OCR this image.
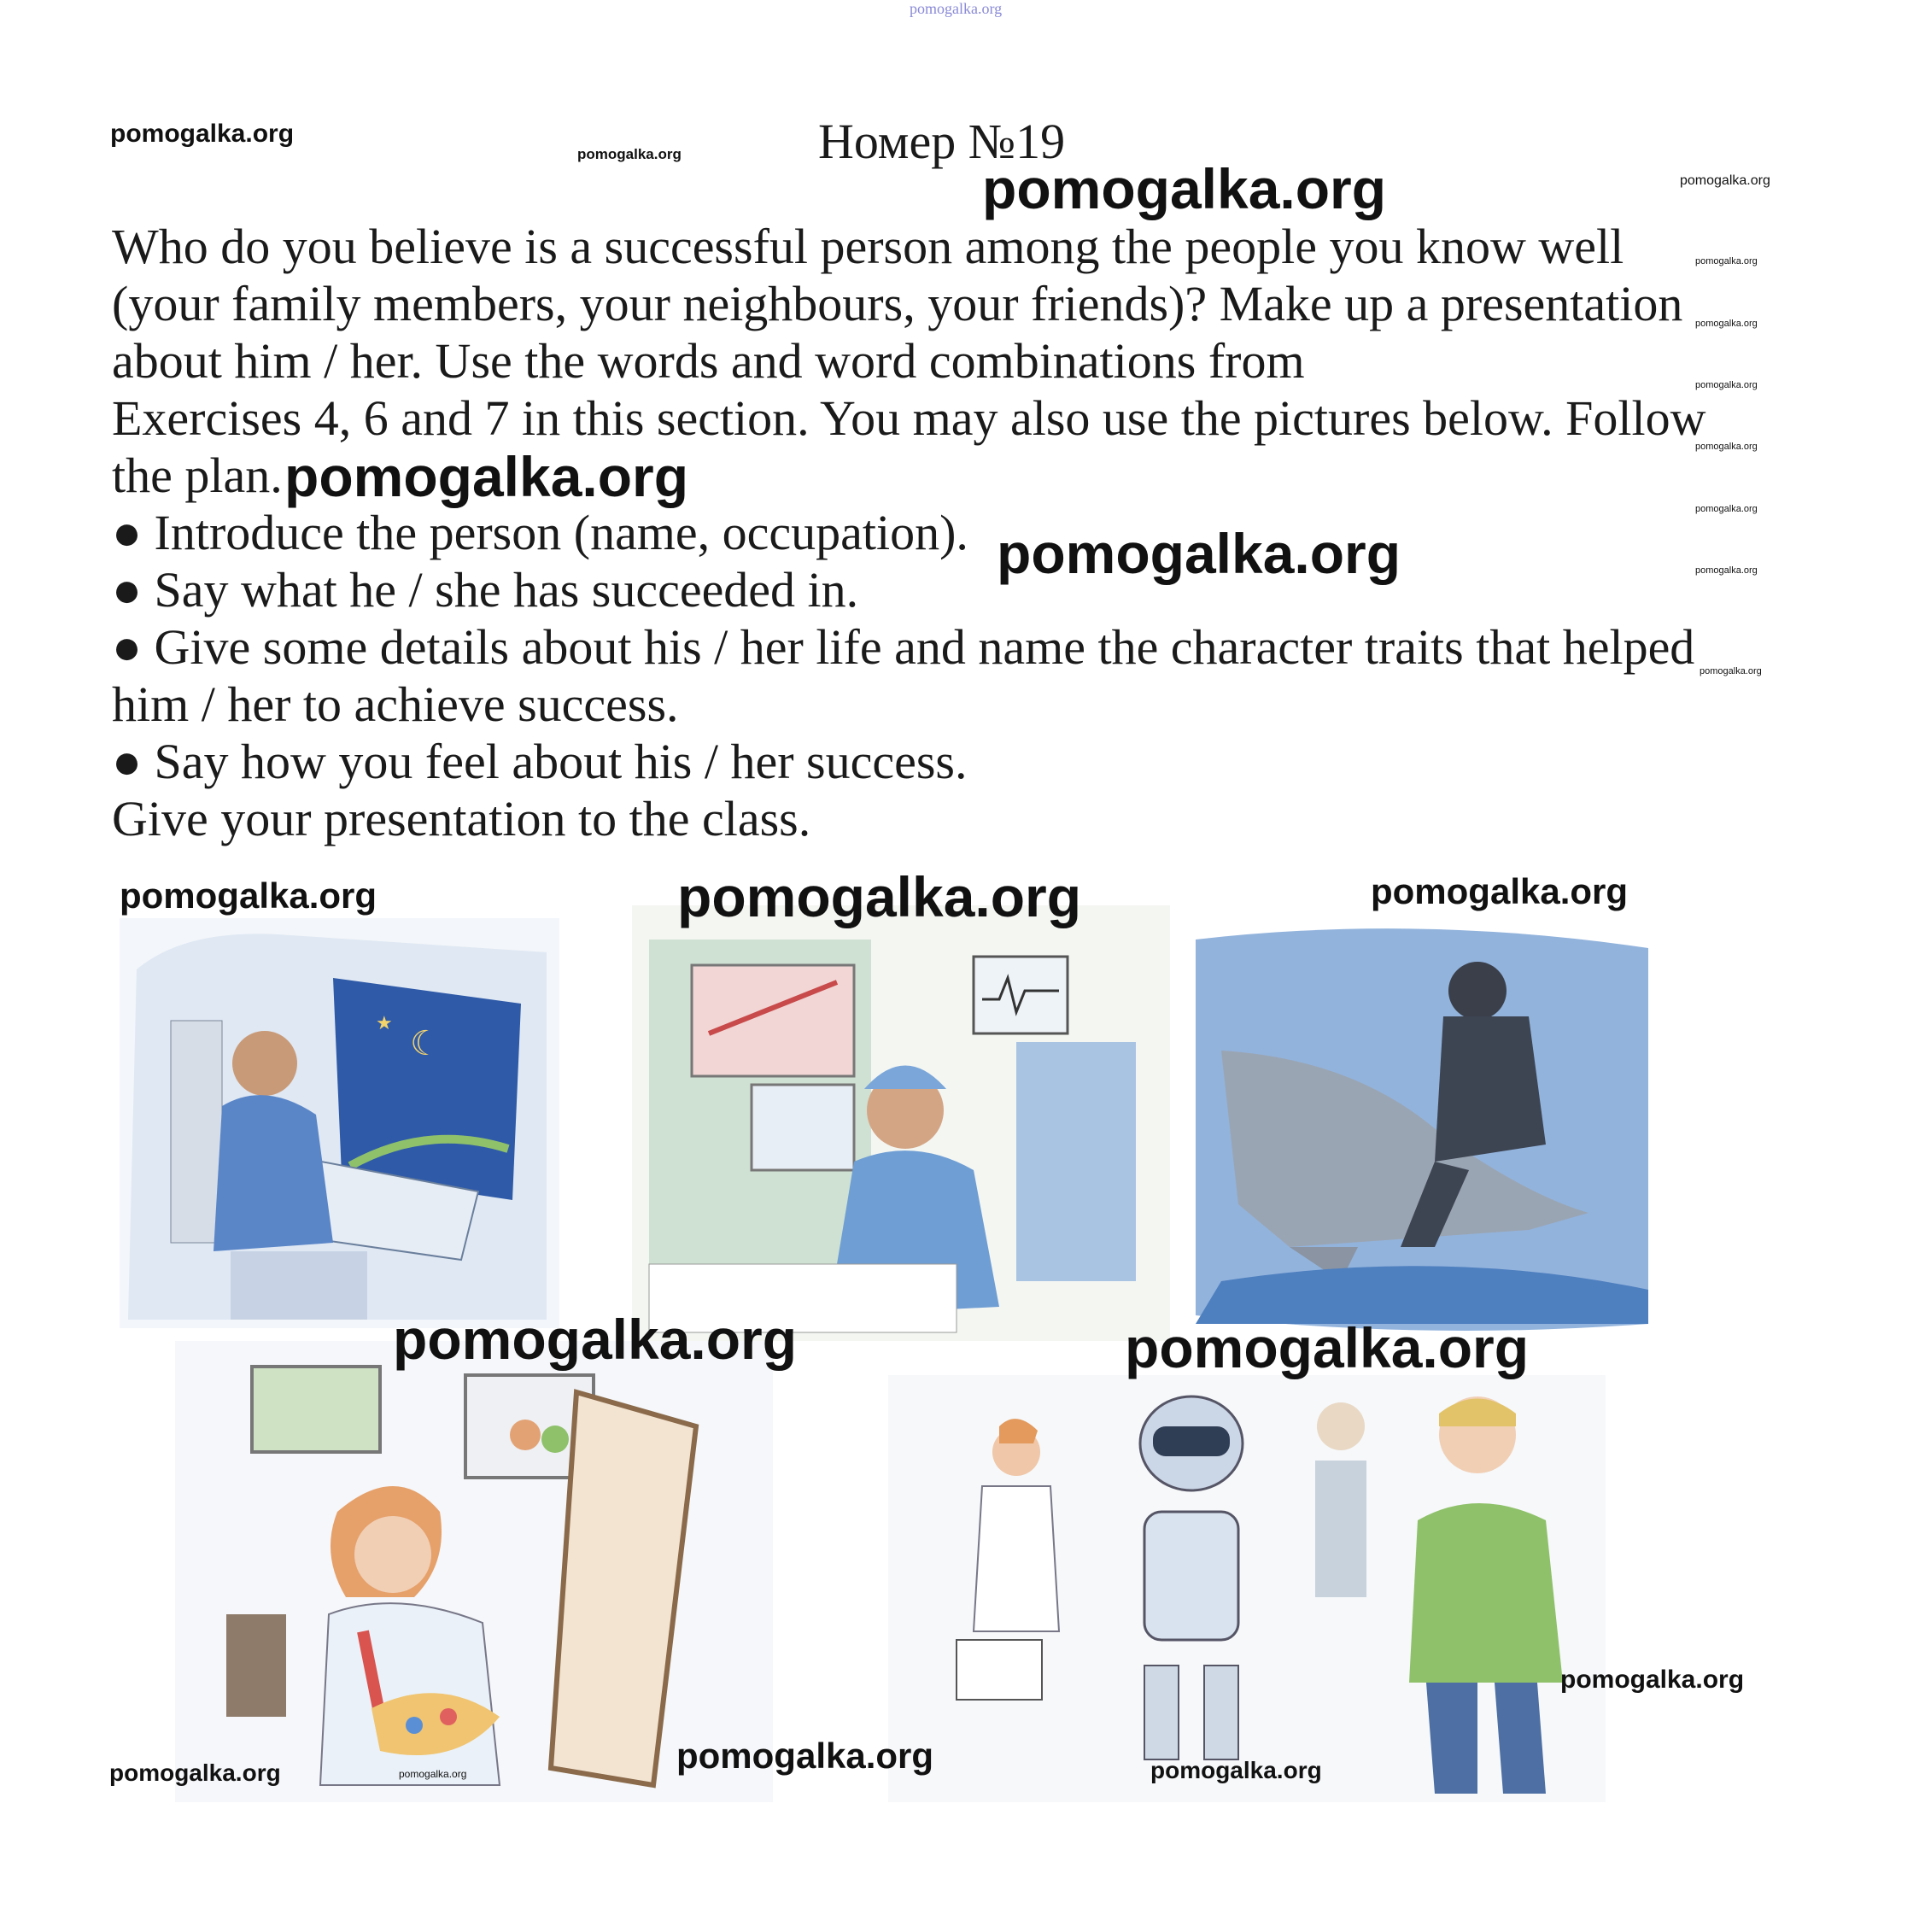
pomogalka.org
pomogalka.org
pomogalka.org
pomogalka.org	pomogalka.org
pomogalka.org
pomogalka.org
pomogalka.org
pomogalka.org
pomogalka.org
pomogalka.org
pomogalka.org
pomogalka.org
pomogalka.org
Номер №19
Who do you believe is a successful person among the people you know well
(your family members, your neighbours, your friends)? Make up a presentation
about him / her. Use the words and word combinations from
Exercises 4, 6 and 7 in this section. You may also use the pictures below. Follow
the plan.
● Introduce the person (name, occupation).
● Say what he / she has succeeded in.
● Give some details about his / her life and name the character traits that helped
him / her to achieve success.
● Say how you feel about his / her success.
Give your presentation to the class.
☾
★
pomogalka.org	pomogalka.org	pomogalka.org
pomogalka.org	pomogalka.org
pomogalka.org
pomogalka.org	pomogalka.org	pomogalka.org	pomogalka.org
